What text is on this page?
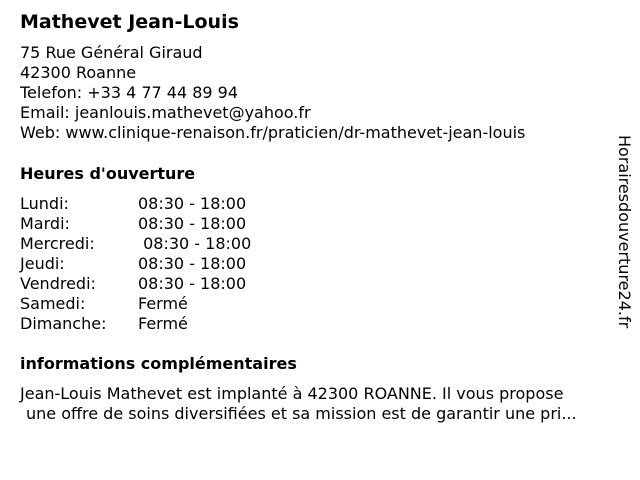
Mathevet Jean-Louis
75 Rue Général Giraud
42300 Roanne
Telefon: +33 4 77 44 89 94
Email: jeanlouis.mathevet@yahoo.fr
Web: www.clinique-renaison.fr/praticien/dr-mathevet-jean-louis
Heures d'ouverture
Lundi:	08:30 - 18:00
Mardi:	08:30 - 18:00
Mercredi:	08:30 - 18:00
Jeudi:	08:30 - 18:00
Vendredi:	08:30 - 18:00
Samedi:	Fermé
Dimanche:	Fermé
informations complémentaires
Jean-Louis Mathevet est implanté à 42300 ROANNE. Il vous propose
une offre de soins diversifiées et sa mission est de garantir une pri...
Horairesdouverture24.fr
